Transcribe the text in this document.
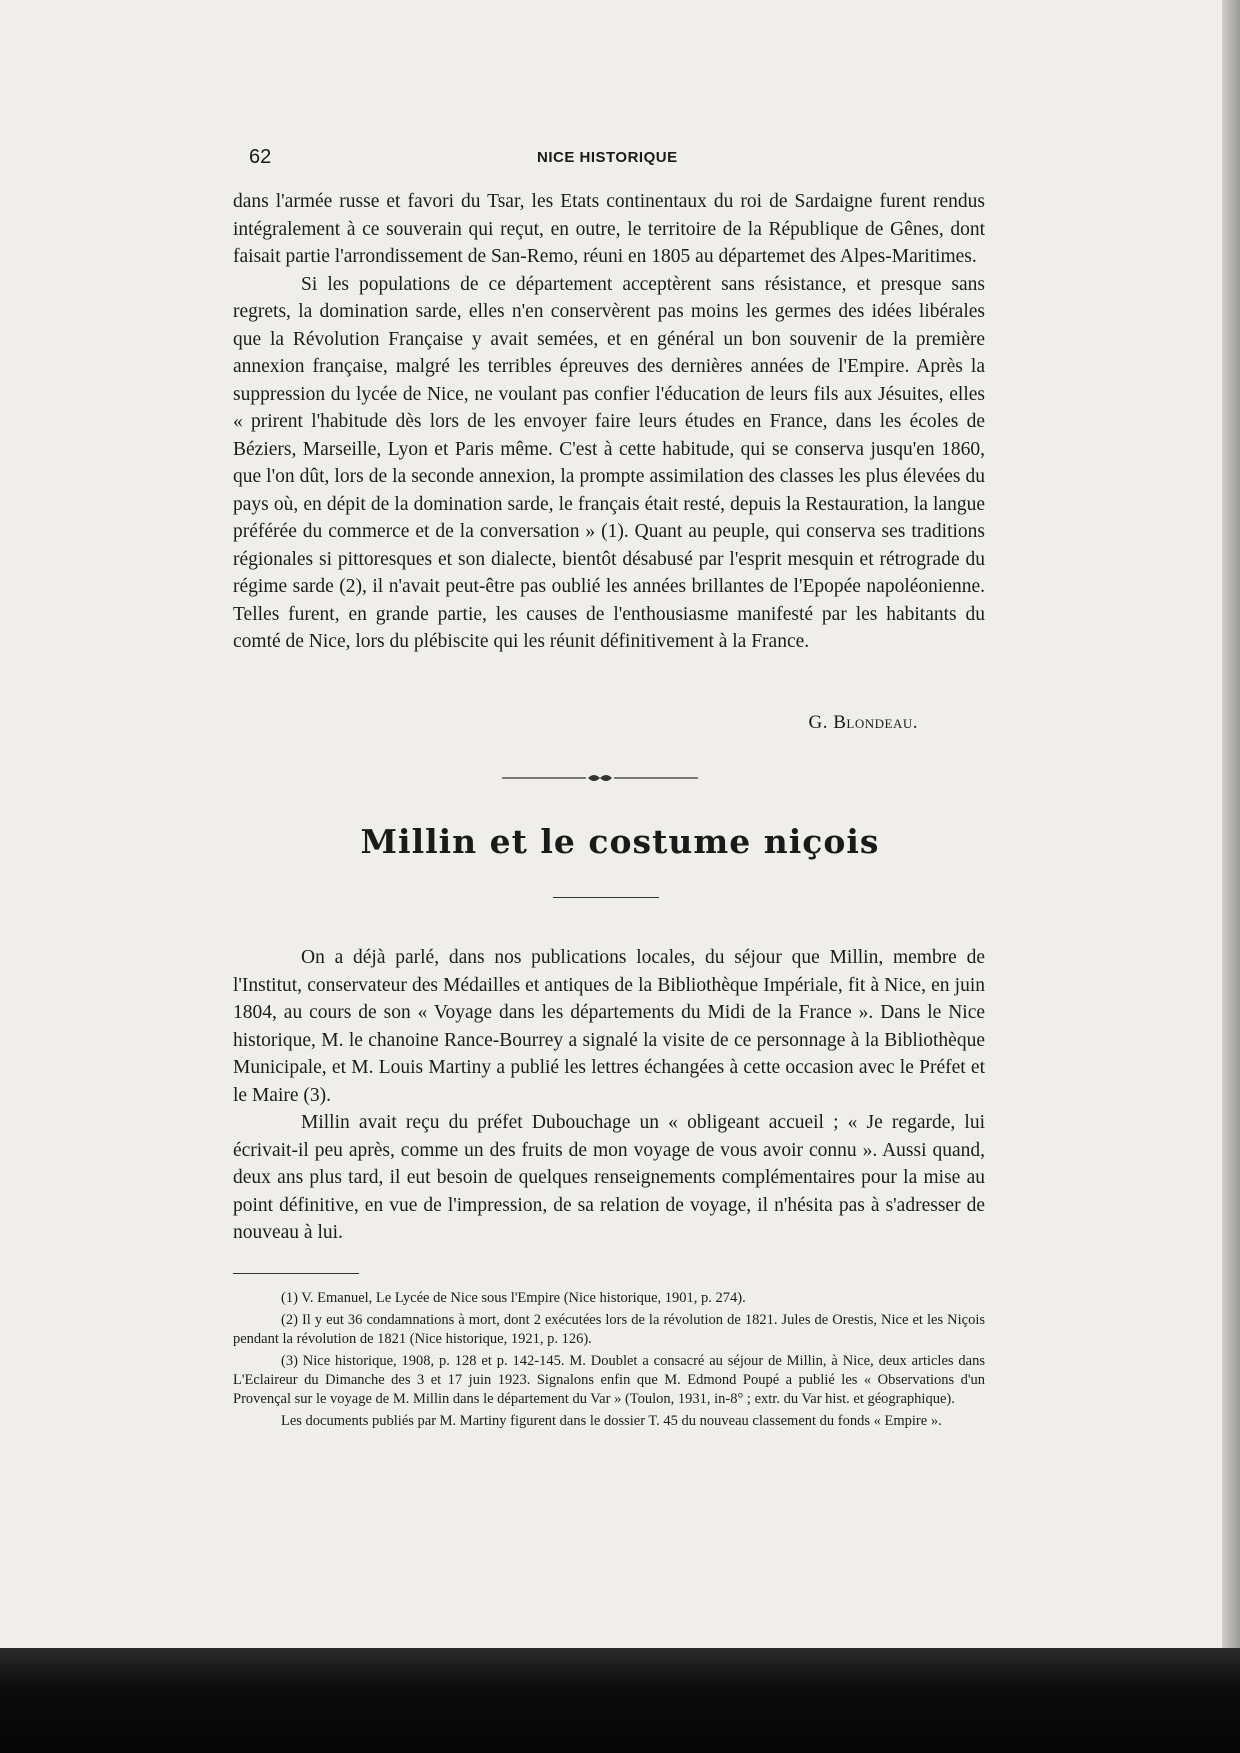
62	NICE HISTORIQUE

dans l'armée russe et favori du Tsar, les Etats continentaux du roi de Sardaigne furent rendus intégralement à ce souverain qui reçut, en outre, le territoire de la République de Gênes, dont faisait partie l'arrondissement de San-Remo, réuni en 1805 au départemet des Alpes-Maritimes.

Si les populations de ce département acceptèrent sans résistance, et presque sans regrets, la domination sarde, elles n'en conservèrent pas moins les germes des idées libérales que la Révolution Française y avait semées, et en général un bon souvenir de la première annexion française, malgré les terribles épreuves des dernières années de l'Empire. Après la suppression du lycée de Nice, ne voulant pas confier l'éducation de leurs fils aux Jésuites, elles « prirent l'habitude dès lors de les envoyer faire leurs études en France, dans les écoles de Béziers, Marseille, Lyon et Paris même. C'est à cette habitude, qui se conserva jusqu'en 1860, que l'on dût, lors de la seconde annexion, la prompte assimilation des classes les plus élevées du pays où, en dépit de la domination sarde, le français était resté, depuis la Restauration, la langue préférée du commerce et de la conversation » (1). Quant au peuple, qui conserva ses traditions régionales si pittoresques et son dialecte, bientôt désabusé par l'esprit mesquin et rétrograde du régime sarde (2), il n'avait peut-être pas oublié les années brillantes de l'Epopée napoléonienne. Telles furent, en grande partie, les causes de l'enthousiasme manifesté par les habitants du comté de Nice, lors du plébiscite qui les réunit définitivement à la France.

G. Blondeau.
Millin et le costume niçois

On a déjà parlé, dans nos publications locales, du séjour que Millin, membre de l'Institut, conservateur des Médailles et antiques de la Bibliothèque Impériale, fit à Nice, en juin 1804, au cours de son « Voyage dans les départements du Midi de la France ». Dans le Nice historique, M. le chanoine Rance-Bourrey a signalé la visite de ce personnage à la Bibliothèque Municipale, et M. Louis Martiny a publié les lettres échangées à cette occasion avec le Préfet et le Maire (3).

Millin avait reçu du préfet Dubouchage un « obligeant accueil ; « Je regarde, lui écrivait-il peu après, comme un des fruits de mon voyage de vous avoir connu ». Aussi quand, deux ans plus tard, il eut besoin de quelques renseignements complémentaires pour la mise au point définitive, en vue de l'impression, de sa relation de voyage, il n'hésita pas à s'adresser de nouveau à lui.

(1) V. Emanuel, Le Lycée de Nice sous l'Empire (Nice historique, 1901, p. 274).

(2) Il y eut 36 condamnations à mort, dont 2 exécutées lors de la révolution de 1821. Jules de Orestis, Nice et les Niçois pendant la révolution de 1821 (Nice historique, 1921, p. 126).

(3) Nice historique, 1908, p. 128 et p. 142-145. M. Doublet a consacré au séjour de Millin, à Nice, deux articles dans L'Eclaireur du Dimanche des 3 et 17 juin 1923. Signalons enfin que M. Edmond Poupé a publié les « Observations d'un Provençal sur le voyage de M. Millin dans le département du Var » (Toulon, 1931, in-8° ; extr. du Var hist. et géographique).

Les documents publiés par M. Martiny figurent dans le dossier T. 45 du nouveau classement du fonds « Empire ».
